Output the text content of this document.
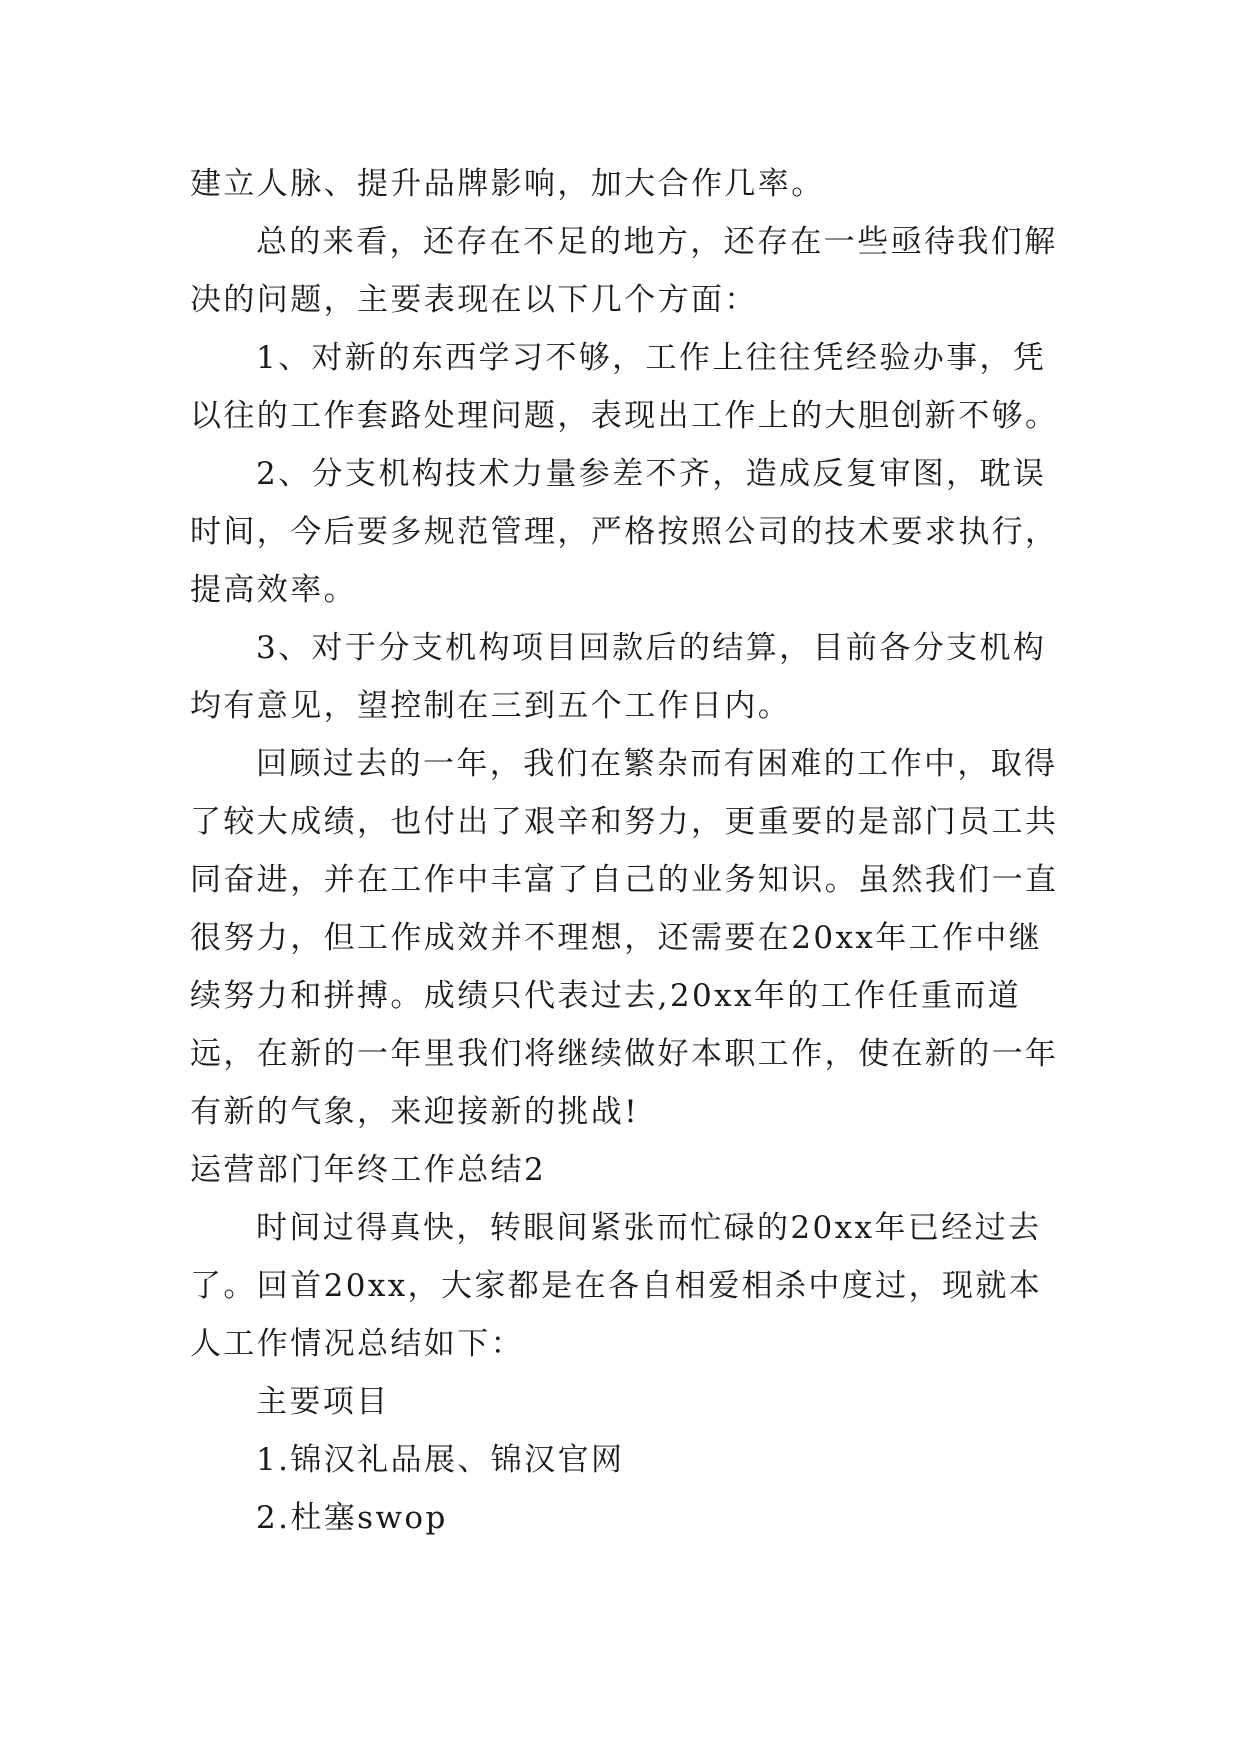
建立人脉、提升品牌影响，加大合作几率。

总的来看，还存在不足的地方，还存在一些亟待我们解决的问题，主要表现在以下几个方面：

1、对新的东西学习不够，工作上往往凭经验办事，凭以往的工作套路处理问题，表现出工作上的大胆创新不够。

2、分支机构技术力量参差不齐，造成反复审图，耽误时间，今后要多规范管理，严格按照公司的技术要求执行，提高效率。

3、对于分支机构项目回款后的结算，目前各分支机构均有意见，望控制在三到五个工作日内。

回顾过去的一年，我们在繁杂而有困难的工作中，取得了较大成绩，也付出了艰辛和努力，更重要的是部门员工共同奋进，并在工作中丰富了自己的业务知识。虽然我们一直很努力，但工作成效并不理想，还需要在20xx年工作中继续努力和拼搏。成绩只代表过去,20xx年的工作任重而道远，在新的一年里我们将继续做好本职工作，使在新的一年有新的气象，来迎接新的挑战!

运营部门年终工作总结2

时间过得真快，转眼间紧张而忙碌的20xx年已经过去了。回首20xx，大家都是在各自相爱相杀中度过，现就本人工作情况总结如下：

主要项目

1.锦汉礼品展、锦汉官网

2.杜塞swop
